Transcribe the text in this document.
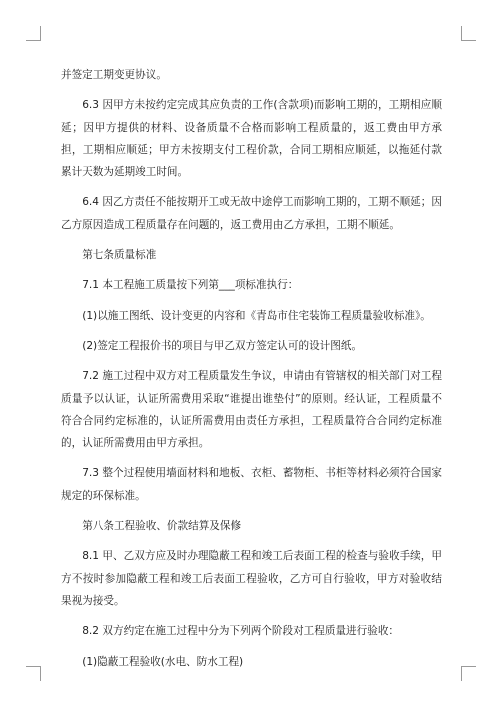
并签定工期变更协议。

6.3 因甲方未按约定完成其应负责的工作(含款项)而影响工期的，工期相应顺延；因甲方提供的材料、设备质量不合格而影响工程质量的，返工费由甲方承担，工期相应顺延；甲方未按期支付工程价款，合同工期相应顺延，以拖延付款累计天数为延期竣工时间。

6.4 因乙方责任不能按期开工或无故中途停工而影响工期的，工期不顺延；因乙方原因造成工程质量存在问题的，返工费用由乙方承担，工期不顺延。

第七条质量标准

7.1 本工程施工质量按下列第___项标准执行：

(1)以施工图纸、设计变更的内容和《青岛市住宅装饰工程质量验收标准》。

(2)签定工程报价书的项目与甲乙双方签定认可的设计图纸。

7.2 施工过程中双方对工程质量发生争议，申请由有管辖权的相关部门对工程质量予以认证，认证所需费用采取“谁提出谁垫付”的原则。经认证，工程质量不符合合同约定标准的，认证所需费用由责任方承担，工程质量符合合同约定标准的，认证所需费用由甲方承担。

7.3 整个过程使用墙面材料和地板、衣柜、蓄物柜、书柜等材料必须符合国家规定的环保标准。

第八条工程验收、价款结算及保修

8.1 甲、乙双方应及时办理隐蔽工程和竣工后表面工程的检查与验收手续，甲方不按时参加隐蔽工程和竣工后表面工程验收，乙方可自行验收，甲方对验收结果视为接受。

8.2 双方约定在施工过程中分为下列两个阶段对工程质量进行验收：

(1)隐蔽工程验收(水电、防水工程)
